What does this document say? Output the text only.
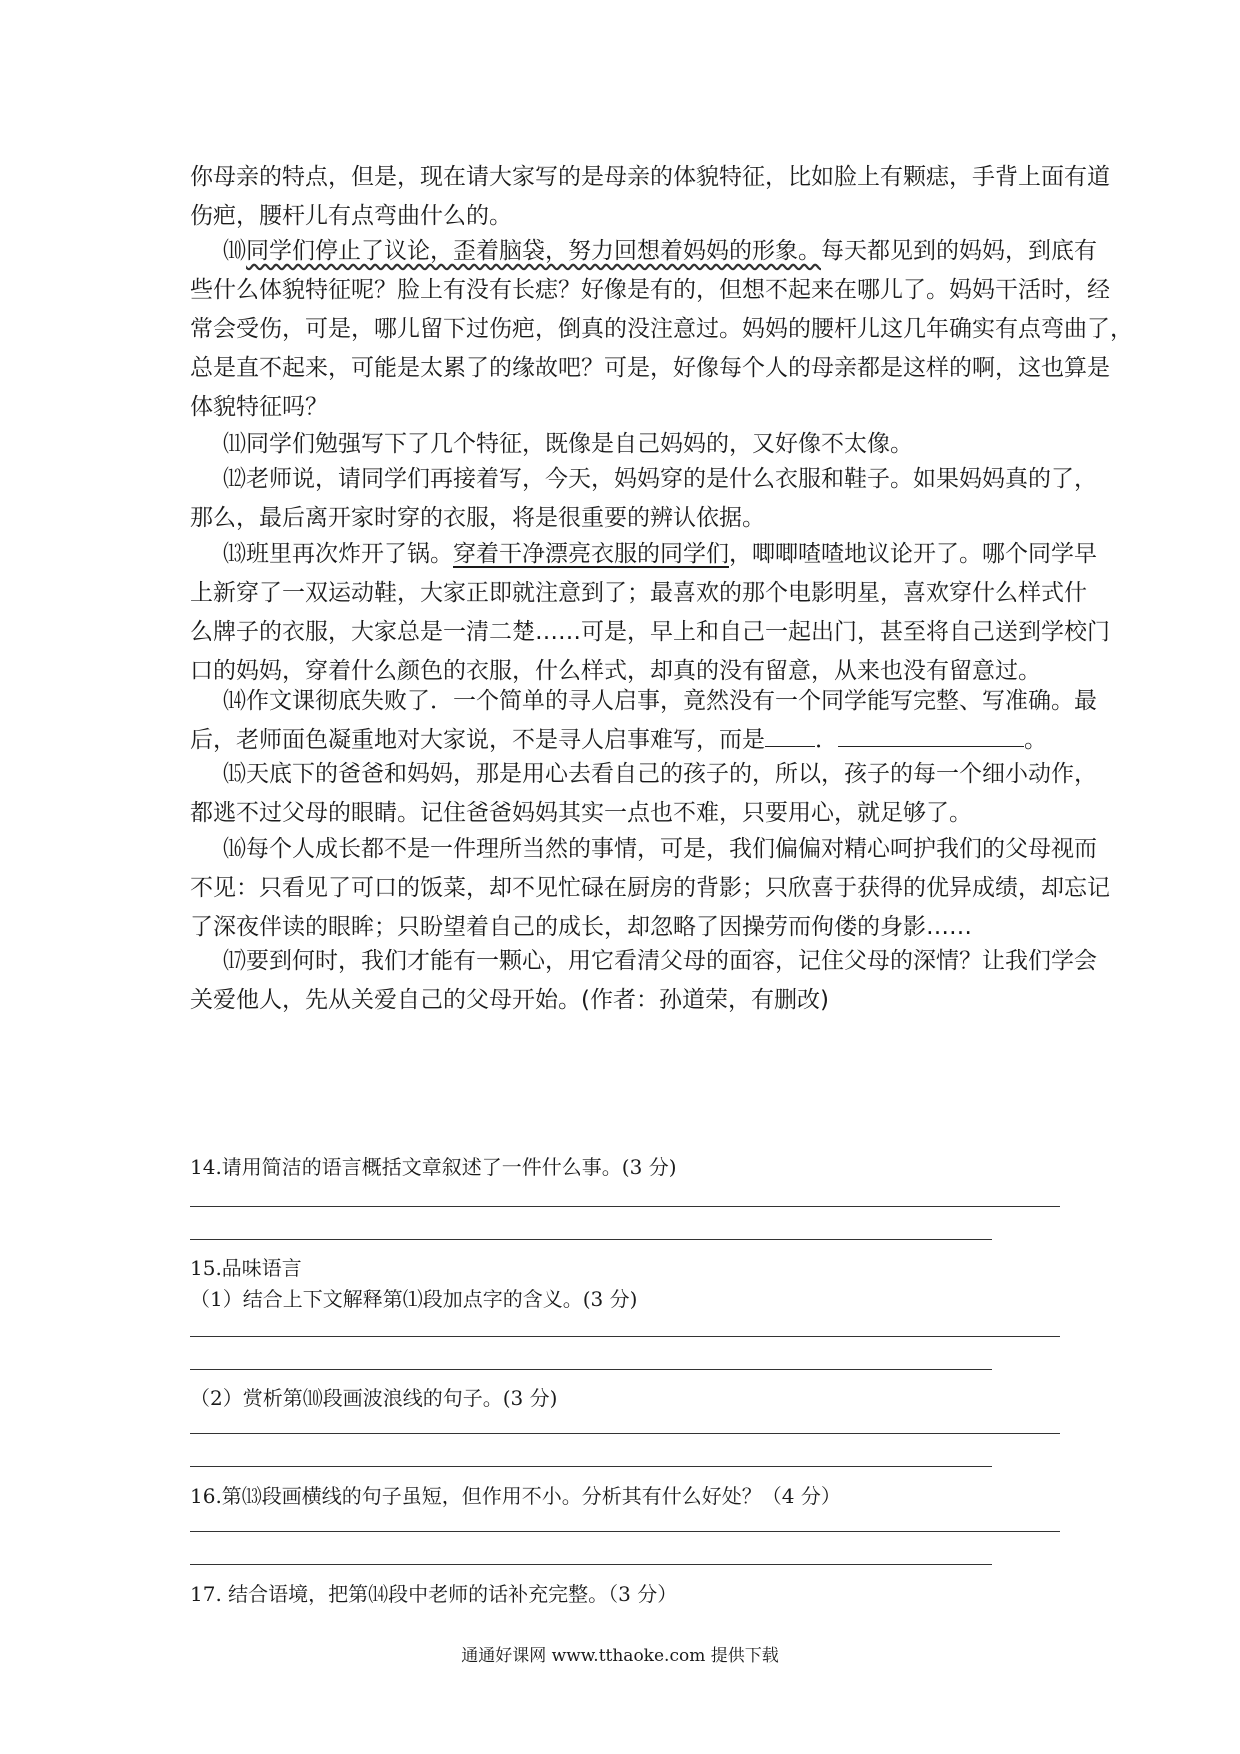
你母亲的特点，但是，现在请大家写的是母亲的体貌特征，比如脸上有颗痣，手背上面有道
伤疤，腰杆儿有点弯曲什么的。
⑽同学们停止了议论，歪着脑袋，努力回想着妈妈的形象。每天都见到的妈妈，到底有
些什么体貌特征呢？脸上有没有长痣？好像是有的，但想不起来在哪儿了。妈妈干活时，经
常会受伤，可是，哪儿留下过伤疤，倒真的没注意过。妈妈的腰杆儿这几年确实有点弯曲了，
总是直不起来，可能是太累了的缘故吧？可是，好像每个人的母亲都是这样的啊，这也算是
体貌特征吗？
⑾同学们勉强写下了几个特征，既像是自己妈妈的，又好像不太像。
⑿老师说，请同学们再接着写，今天，妈妈穿的是什么衣服和鞋子。如果妈妈真的了，
那么，最后离开家时穿的衣服，将是很重要的辨认依据。
⒀班里再次炸开了锅。穿着干净漂亮衣服的同学们，唧唧喳喳地议论开了。哪个同学早
上新穿了一双运动鞋，大家正即就注意到了；最喜欢的那个电影明星，喜欢穿什么样式什
么牌子的衣服，大家总是一清二楚……可是，早上和自己一起出门，甚至将自己送到学校门
口的妈妈，穿着什么颜色的衣服，什么样式，却真的没有留意，从来也没有留意过。
⒁作文课彻底失败了．一个简单的寻人启事，竟然没有一个同学能写完整、写准确。最
后，老师面色凝重地对大家说，不是寻人启事难写，而是 ．	。
⒂天底下的爸爸和妈妈，那是用心去看自己的孩子的，所以，孩子的每一个细小动作，
都逃不过父母的眼睛。记住爸爸妈妈其实一点也不难，只要用心，就足够了。
⒃每个人成长都不是一件理所当然的事情，可是，我们偏偏对精心呵护我们的父母视而
不见：只看见了可口的饭菜，却不见忙碌在厨房的背影；只欣喜于获得的优异成绩，却忘记
了深夜伴读的眼眸；只盼望着自己的成长，却忽略了因操劳而佝偻的身影……
⒄要到何时，我们才能有一颗心，用它看清父母的面容，记住父母的深情？让我们学会
关爱他人，先从关爱自己的父母开始。(作者：孙道荣，有删改)
14.请用简洁的语言概括文章叙述了一件什么事。(3 分)
15.品味语言
（1）结合上下文解释第⑴段加点字的含义。(3 分)
（2）赏析第⑽段画波浪线的句子。(3 分)
16.第⒀段画横线的句子虽短，但作用不小。分析其有什么好处？（4 分）
17. 结合语境，把第⒁段中老师的话补充完整。（3 分）
通通好课网 www.tthaoke.com 提供下载
